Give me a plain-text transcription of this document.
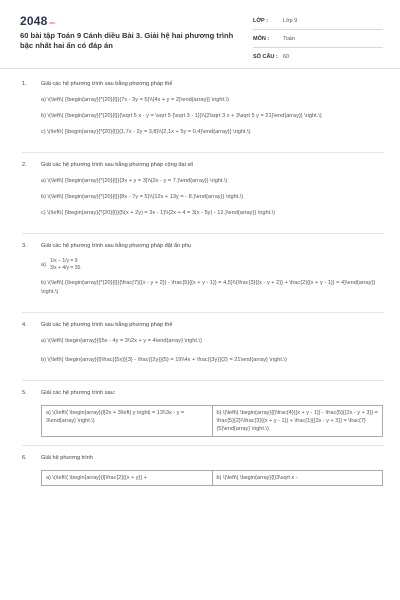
$2048^{.vn}$
60 bài tập Toán 9 Cánh diều Bài 3. Giải hệ hai phương trình bậc nhất hai ẩn có đáp án
LỚP :	Lớp 9
MÔN :	Toán
SỐ CÂU : 60
1.	Giải các hệ phương trình sau bằng phương pháp thế
a) \(\left\{ {\begin{array}{*{20}{l}}{7x - 3y = 5}\\{4x + y = 2}\end{array}} \right.\)
b) \(\left\{ {\begin{array}{*{20}{l}}{\sqrt 5 x - y = \sqrt 5 {\sqrt 3 - 1}}\\{2\sqrt 3 x + 3\sqrt 5 y = 21}\end{array}} \right.\)
c) \(\left\{ {\begin{array}{*{20}{l}}{1,7x - 2y = 3,8}\\{2,1x + 5y = 0,4}\end{array}} \right.\)
2.	Giải các hệ phương trình sau bằng phương pháp cộng đại số
a) \(\left\{ {\begin{array}{*{20}{l}}{3x + y = 3}\\{2x - y = 7.}\end{array}} \right.\)
b) \(\left\{ {\begin{array}{*{20}{l}}{8x - 7y = 5}\\{12x + 13y = - 8.}\end{array}} \right.\)
c) \(\left\{ {\begin{array}{*{20}{l}}{5(x + 2y) = 3x - 1}\\{2x + 4 = 3(x - 5y) - 12.}\end{array}} \right.\)
3.	Giải các hệ phương trình sau bằng phương pháp đặt ẩn phụ
a)
1/x − 1/y = 9
3/x + 4/y = 35.
b) \(\left\{ {\begin{array}{*{20}{l}}{\frac{7}{{x - y + 2}} - \frac{5}{{x + y - 1}} = 4,5}\\{\frac{3}{{x - y + 2}} + \frac{2}{{x + y - 1}} = 4}\end{array}} \right.\)
4.	Giải các hệ phương trình sau bằng phương pháp thế
a) \(\left\{ \begin{array}{l}5x - 4y = 3\\2x + y = 4\end{array} \right.\)
b) \(\left\{ \begin{array}{l}\frac{{5x}}{3} - \frac{{2y}}{5} = 19\\4x + \frac{{3y}}{2} = 21\end{array} \right.\)
5.	Giải các hệ phương trình sau:
a) \(\left\{ \begin{array}{l}2x + 3\left| y \right| = 13\\3x - y = 3\end{array} \right.\)	b) \(\left\{ \begin{array}{l}\frac{4}{{x + y - 1}} - \frac{5}{{2x - y + 3}} = \frac{5}{2}\\\frac{3}{{x + y - 1}} + \frac{1}{{2x - y + 3}} = \frac{7}{5}\end{array} \right.\)
6.	Giải hệ phương trình
a) \(\left\{ \begin{array}{l}\frac{2}{{x + y}} +	b) \(\left\{ \begin{array}{l}3\sqrt x -
